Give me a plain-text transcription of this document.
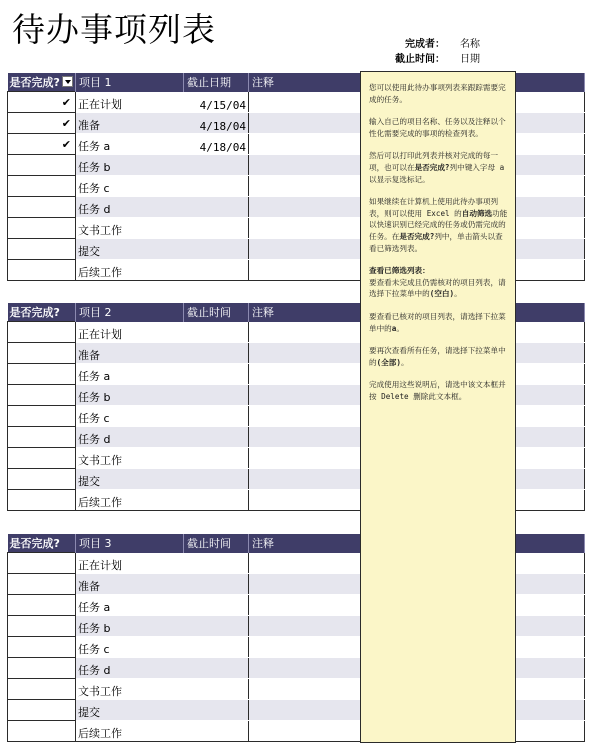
待办事项列表	完成者： 名称
截止时间： 日期
是否完成?	项目 1	截止日期	注释
✔	正在计划	4/15/04	
✔	准备	4/18/04	
✔	任务 a	4/18/04	
	任务 b		
	任务 c		
	任务 d		
	文书工作		
	提交		
	后续工作		
是否完成?	项目 2	截止时间	注释
	正在计划		
	准备		
	任务 a		
	任务 b		
	任务 c		
	任务 d		
	文书工作		
	提交		
	后续工作		
是否完成?	项目 3	截止时间	注释
	正在计划		
	准备		
	任务 a		
	任务 b		
	任务 c		
	任务 d		
	文书工作		
	提交		
	后续工作		

您可以使用此待办事项列表来跟踪需要完成的任务。

输入自己的项目名称、任务以及注释以个性化需要完成的事项的检查列表。

然后可以打印此列表并核对完成的每一项，也可以在是否完成?列中键入字母 a 以显示复选标记。

如果继续在计算机上使用此待办事项列表，则可以使用 Excel 的自动筛选功能以快速识别已经完成的任务或仍需完成的任务。在是否完成?列中，单击箭头以查看已筛选列表。

查看已筛选列表：
要查看未完成且仍需核对的项目列表，请选择下拉菜单中的(空白)。

要查看已核对的项目列表，请选择下拉菜单中的a。

要再次查看所有任务，请选择下拉菜单中的(全部)。

完成使用这些说明后，请选中该文本框并按 Delete 删除此文本框。
